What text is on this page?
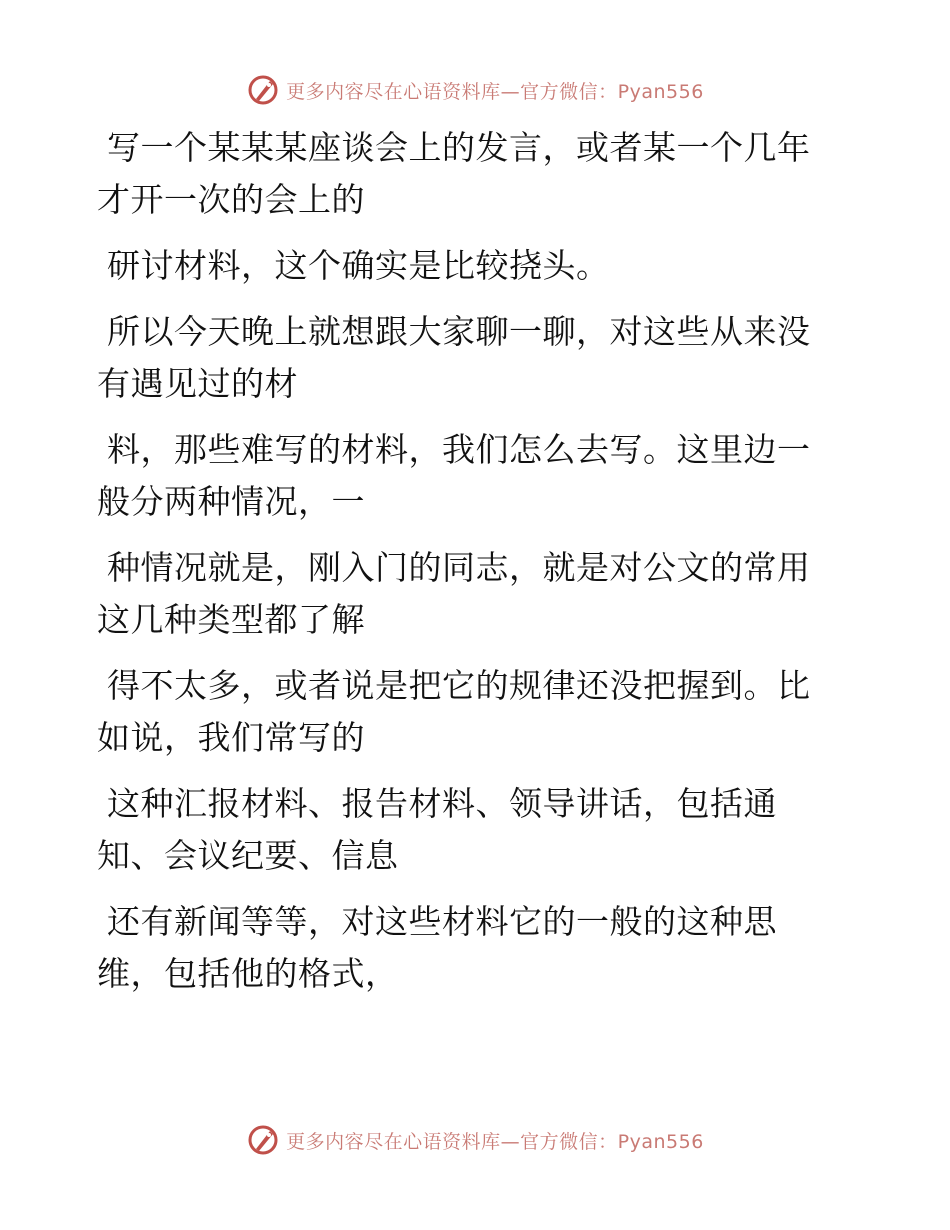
更多内容尽在心语资料库—官方微信：Pyan556
写一个某某某座谈会上的发言，或者某一个几年
才开一次的会上的
研讨材料，这个确实是比较挠头。
所以今天晚上就想跟大家聊一聊，对这些从来没
有遇见过的材
料，那些难写的材料，我们怎么去写。这里边一
般分两种情况，一
种情况就是，刚入门的同志，就是对公文的常用
这几种类型都了解
得不太多，或者说是把它的规律还没把握到。比
如说，我们常写的
这种汇报材料、报告材料、领导讲话，包括通
知、会议纪要、信息
还有新闻等等，对这些材料它的一般的这种思
维，包括他的格式，
更多内容尽在心语资料库—官方微信：Pyan556
